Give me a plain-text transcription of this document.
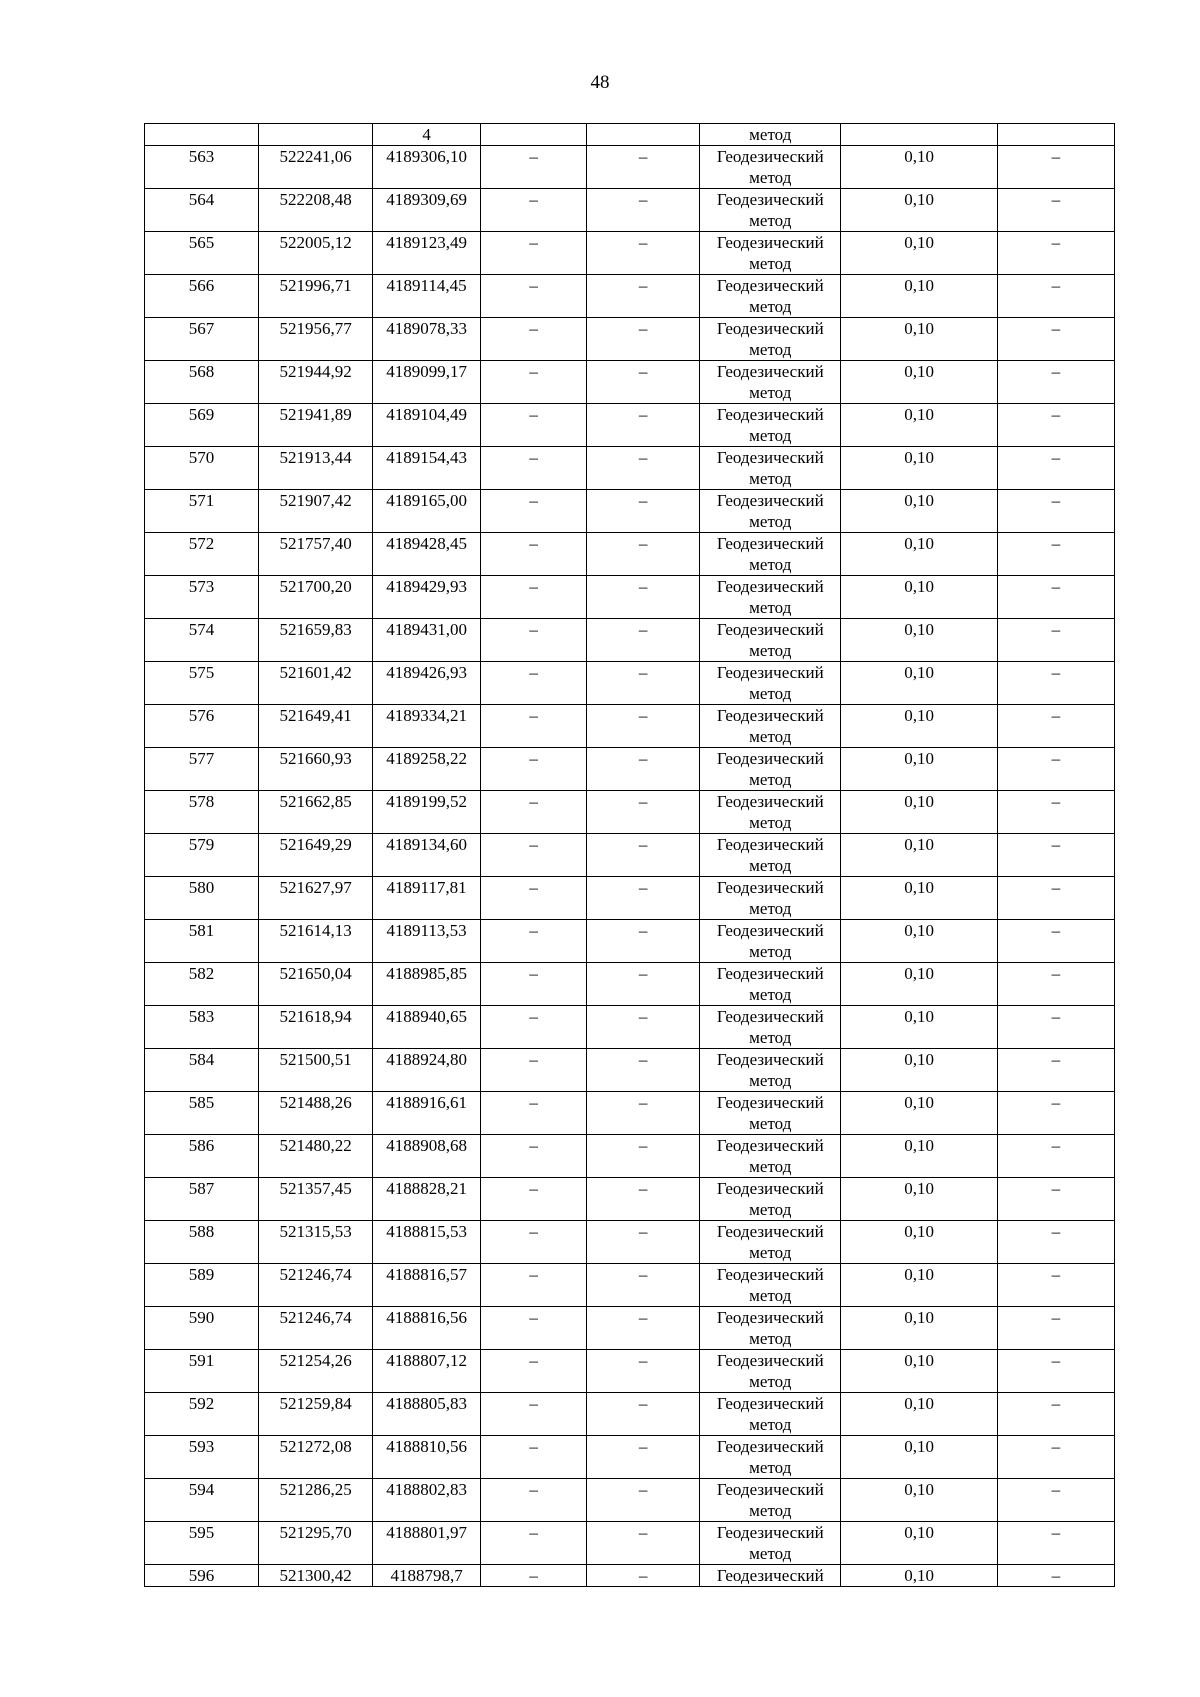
48
		4			метод		
563	522241,06	4189306,10	–	–	Геодезический метод	0,10	–
564	522208,48	4189309,69	–	–	Геодезический метод	0,10	–
565	522005,12	4189123,49	–	–	Геодезический метод	0,10	–
566	521996,71	4189114,45	–	–	Геодезический метод	0,10	–
567	521956,77	4189078,33	–	–	Геодезический метод	0,10	–
568	521944,92	4189099,17	–	–	Геодезический метод	0,10	–
569	521941,89	4189104,49	–	–	Геодезический метод	0,10	–
570	521913,44	4189154,43	–	–	Геодезический метод	0,10	–
571	521907,42	4189165,00	–	–	Геодезический метод	0,10	–
572	521757,40	4189428,45	–	–	Геодезический метод	0,10	–
573	521700,20	4189429,93	–	–	Геодезический метод	0,10	–
574	521659,83	4189431,00	–	–	Геодезический метод	0,10	–
575	521601,42	4189426,93	–	–	Геодезический метод	0,10	–
576	521649,41	4189334,21	–	–	Геодезический метод	0,10	–
577	521660,93	4189258,22	–	–	Геодезический метод	0,10	–
578	521662,85	4189199,52	–	–	Геодезический метод	0,10	–
579	521649,29	4189134,60	–	–	Геодезический метод	0,10	–
580	521627,97	4189117,81	–	–	Геодезический метод	0,10	–
581	521614,13	4189113,53	–	–	Геодезический метод	0,10	–
582	521650,04	4188985,85	–	–	Геодезический метод	0,10	–
583	521618,94	4188940,65	–	–	Геодезический метод	0,10	–
584	521500,51	4188924,80	–	–	Геодезический метод	0,10	–
585	521488,26	4188916,61	–	–	Геодезический метод	0,10	–
586	521480,22	4188908,68	–	–	Геодезический метод	0,10	–
587	521357,45	4188828,21	–	–	Геодезический метод	0,10	–
588	521315,53	4188815,53	–	–	Геодезический метод	0,10	–
589	521246,74	4188816,57	–	–	Геодезический метод	0,10	–
590	521246,74	4188816,56	–	–	Геодезический метод	0,10	–
591	521254,26	4188807,12	–	–	Геодезический метод	0,10	–
592	521259,84	4188805,83	–	–	Геодезический метод	0,10	–
593	521272,08	4188810,56	–	–	Геодезический метод	0,10	–
594	521286,25	4188802,83	–	–	Геодезический метод	0,10	–
595	521295,70	4188801,97	–	–	Геодезический метод	0,10	–
596	521300,42	4188798,7	–	–	Геодезический	0,10	–
